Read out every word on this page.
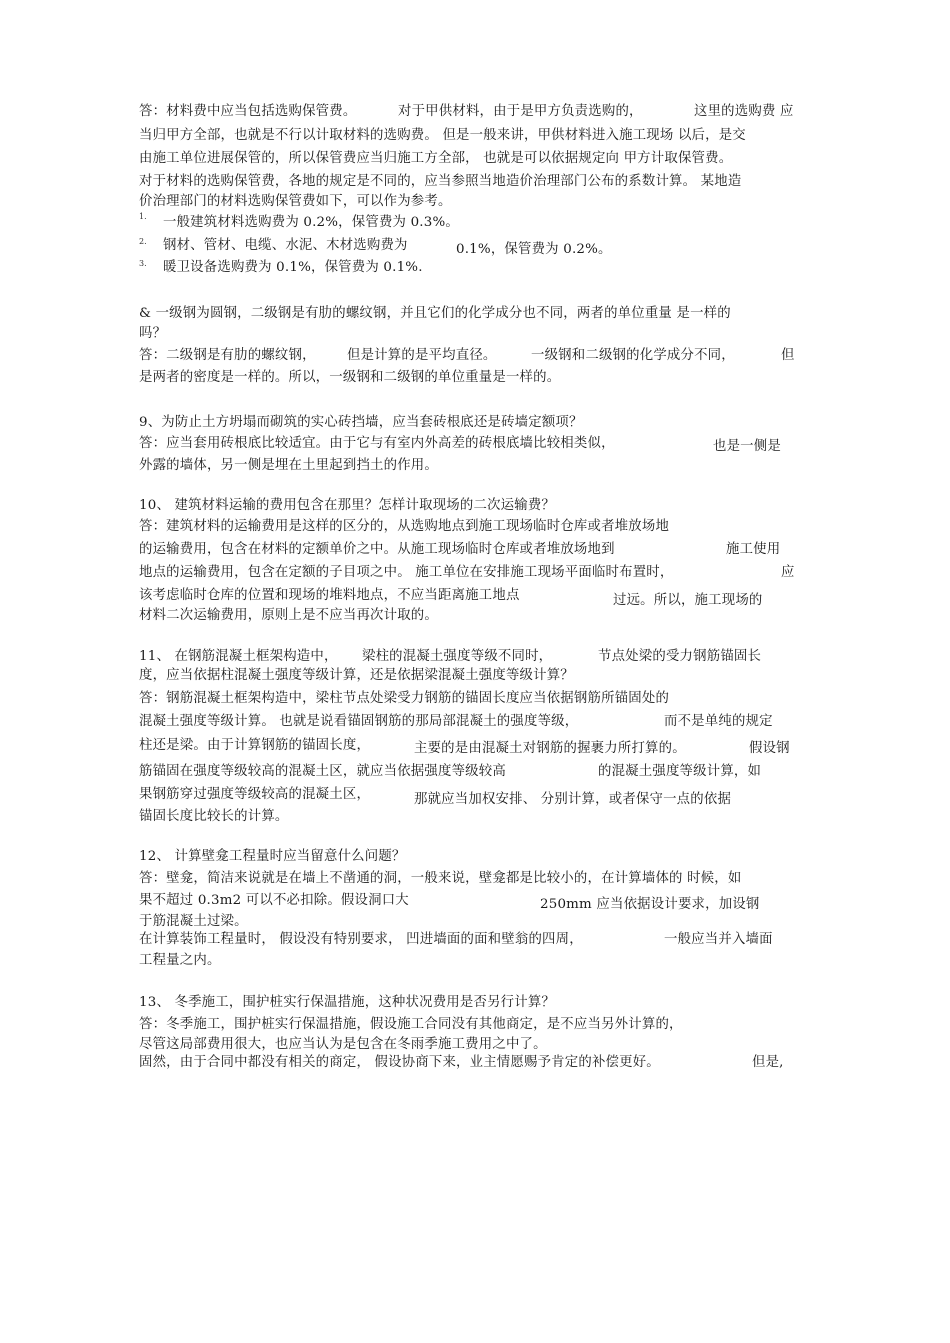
答：材料费中应当包括选购保管费。	对于甲供材料，由于是甲方负责选购的，	这里的选购费 应
当归甲方全部，也就是不行以计取材料的选购费。 但是一般来讲，甲供材料进入施工现场 以后，是交
由施工单位进展保管的，所以保管费应当归施工方全部， 也就是可以依据规定向 甲方计取保管费。
对于材料的选购保管费，各地的规定是不同的，应当参照当地造价治理部门公布的系数计算。 某地造
价治理部门的材料选购保管费如下，可以作为参考。
1. 一般建筑材料选购费为 0.2%，保管费为 0.3%。
2. 钢材、管材、电缆、水泥、木材选购费为	0.1%，保管费为 0.2%。
3. 暖卫设备选购费为 0.1%，保管费为 0.1%.
& 一级钢为圆钢，二级钢是有肋的螺纹钢，并且它们的化学成分也不同，两者的单位重量 是一样的
吗？
答：二级钢是有肋的螺纹钢， 但是计算的是平均直径。	一级钢和二级钢的化学成分不同，	但
是两者的密度是一样的。所以，一级钢和二级钢的单位重量是一样的。
9、为防止土方坍塌而砌筑的实心砖挡墙，应当套砖根底还是砖墙定额项？
答：应当套用砖根底比较适宜。由于它与有室内外高差的砖根底墙比较相类似，	也是一侧是
外露的墙体，另一侧是埋在土里起到挡土的作用。
10、 建筑材料运输的费用包含在那里？怎样计取现场的二次运输费？
答：建筑材料的运输费用是这样的区分的，从选购地点到施工现场临时仓库或者堆放场地
的运输费用，包含在材料的定额单价之中。从施工现场临时仓库或者堆放场地到	施工使用
地点的运输费用，包含在定额的子目项之中。 施工单位在安排施工现场平面临时布置时，	应
该考虑临时仓库的位置和现场的堆料地点，不应当距离施工地点	过远。所以，施工现场的
材料二次运输费用，原则上是不应当再次计取的。
11、 在钢筋混凝土框架构造中， 梁柱的混凝土强度等级不同时，	节点处梁的受力钢筋锚固长
度，应当依据柱混凝土强度等级计算，还是依据梁混凝土强度等级计算？
答：钢筋混凝土框架构造中，梁柱节点处梁受力钢筋的锚固长度应当依据钢筋所锚固处的
混凝土强度等级计算。 也就是说看锚固钢筋的那局部混凝土的强度等级，	而不是单纯的规定
柱还是梁。由于计算钢筋的锚固长度，	主要的是由混凝土对钢筋的握裹力所打算的。	假设钢
筋锚固在强度等级较高的混凝土区，就应当依据强度等级较高	的混凝土强度等级计算，如
果钢筋穿过强度等级较高的混凝土区，	那就应当加权安排、 分别计算，或者保守一点的依据
锚固长度比较长的计算。
12、 计算壁龛工程量时应当留意什么问题？
答：壁龛，简洁来说就是在墙上不凿通的洞，一般来说，壁龛都是比较小的，在计算墙体的 时候，如
果不超过 0.3m2 可以不必扣除。假设洞口大	250mm 应当依据设计要求，加设钢
于筋混凝土过梁。
在计算装饰工程量时， 假设没有特别要求， 凹进墙面的面和壁翁的四周，	一般应当并入墙面
工程量之内。
13、 冬季施工，围护桩实行保温措施，这种状况费用是否另行计算？
答：冬季施工，围护桩实行保温措施，假设施工合同没有其他商定，是不应当另外计算的，
尽管这局部费用很大，也应当认为是包含在冬雨季施工费用之中了。
固然，由于合同中都没有相关的商定， 假设协商下来，业主情愿赐予肯定的补偿更好。	但是,
